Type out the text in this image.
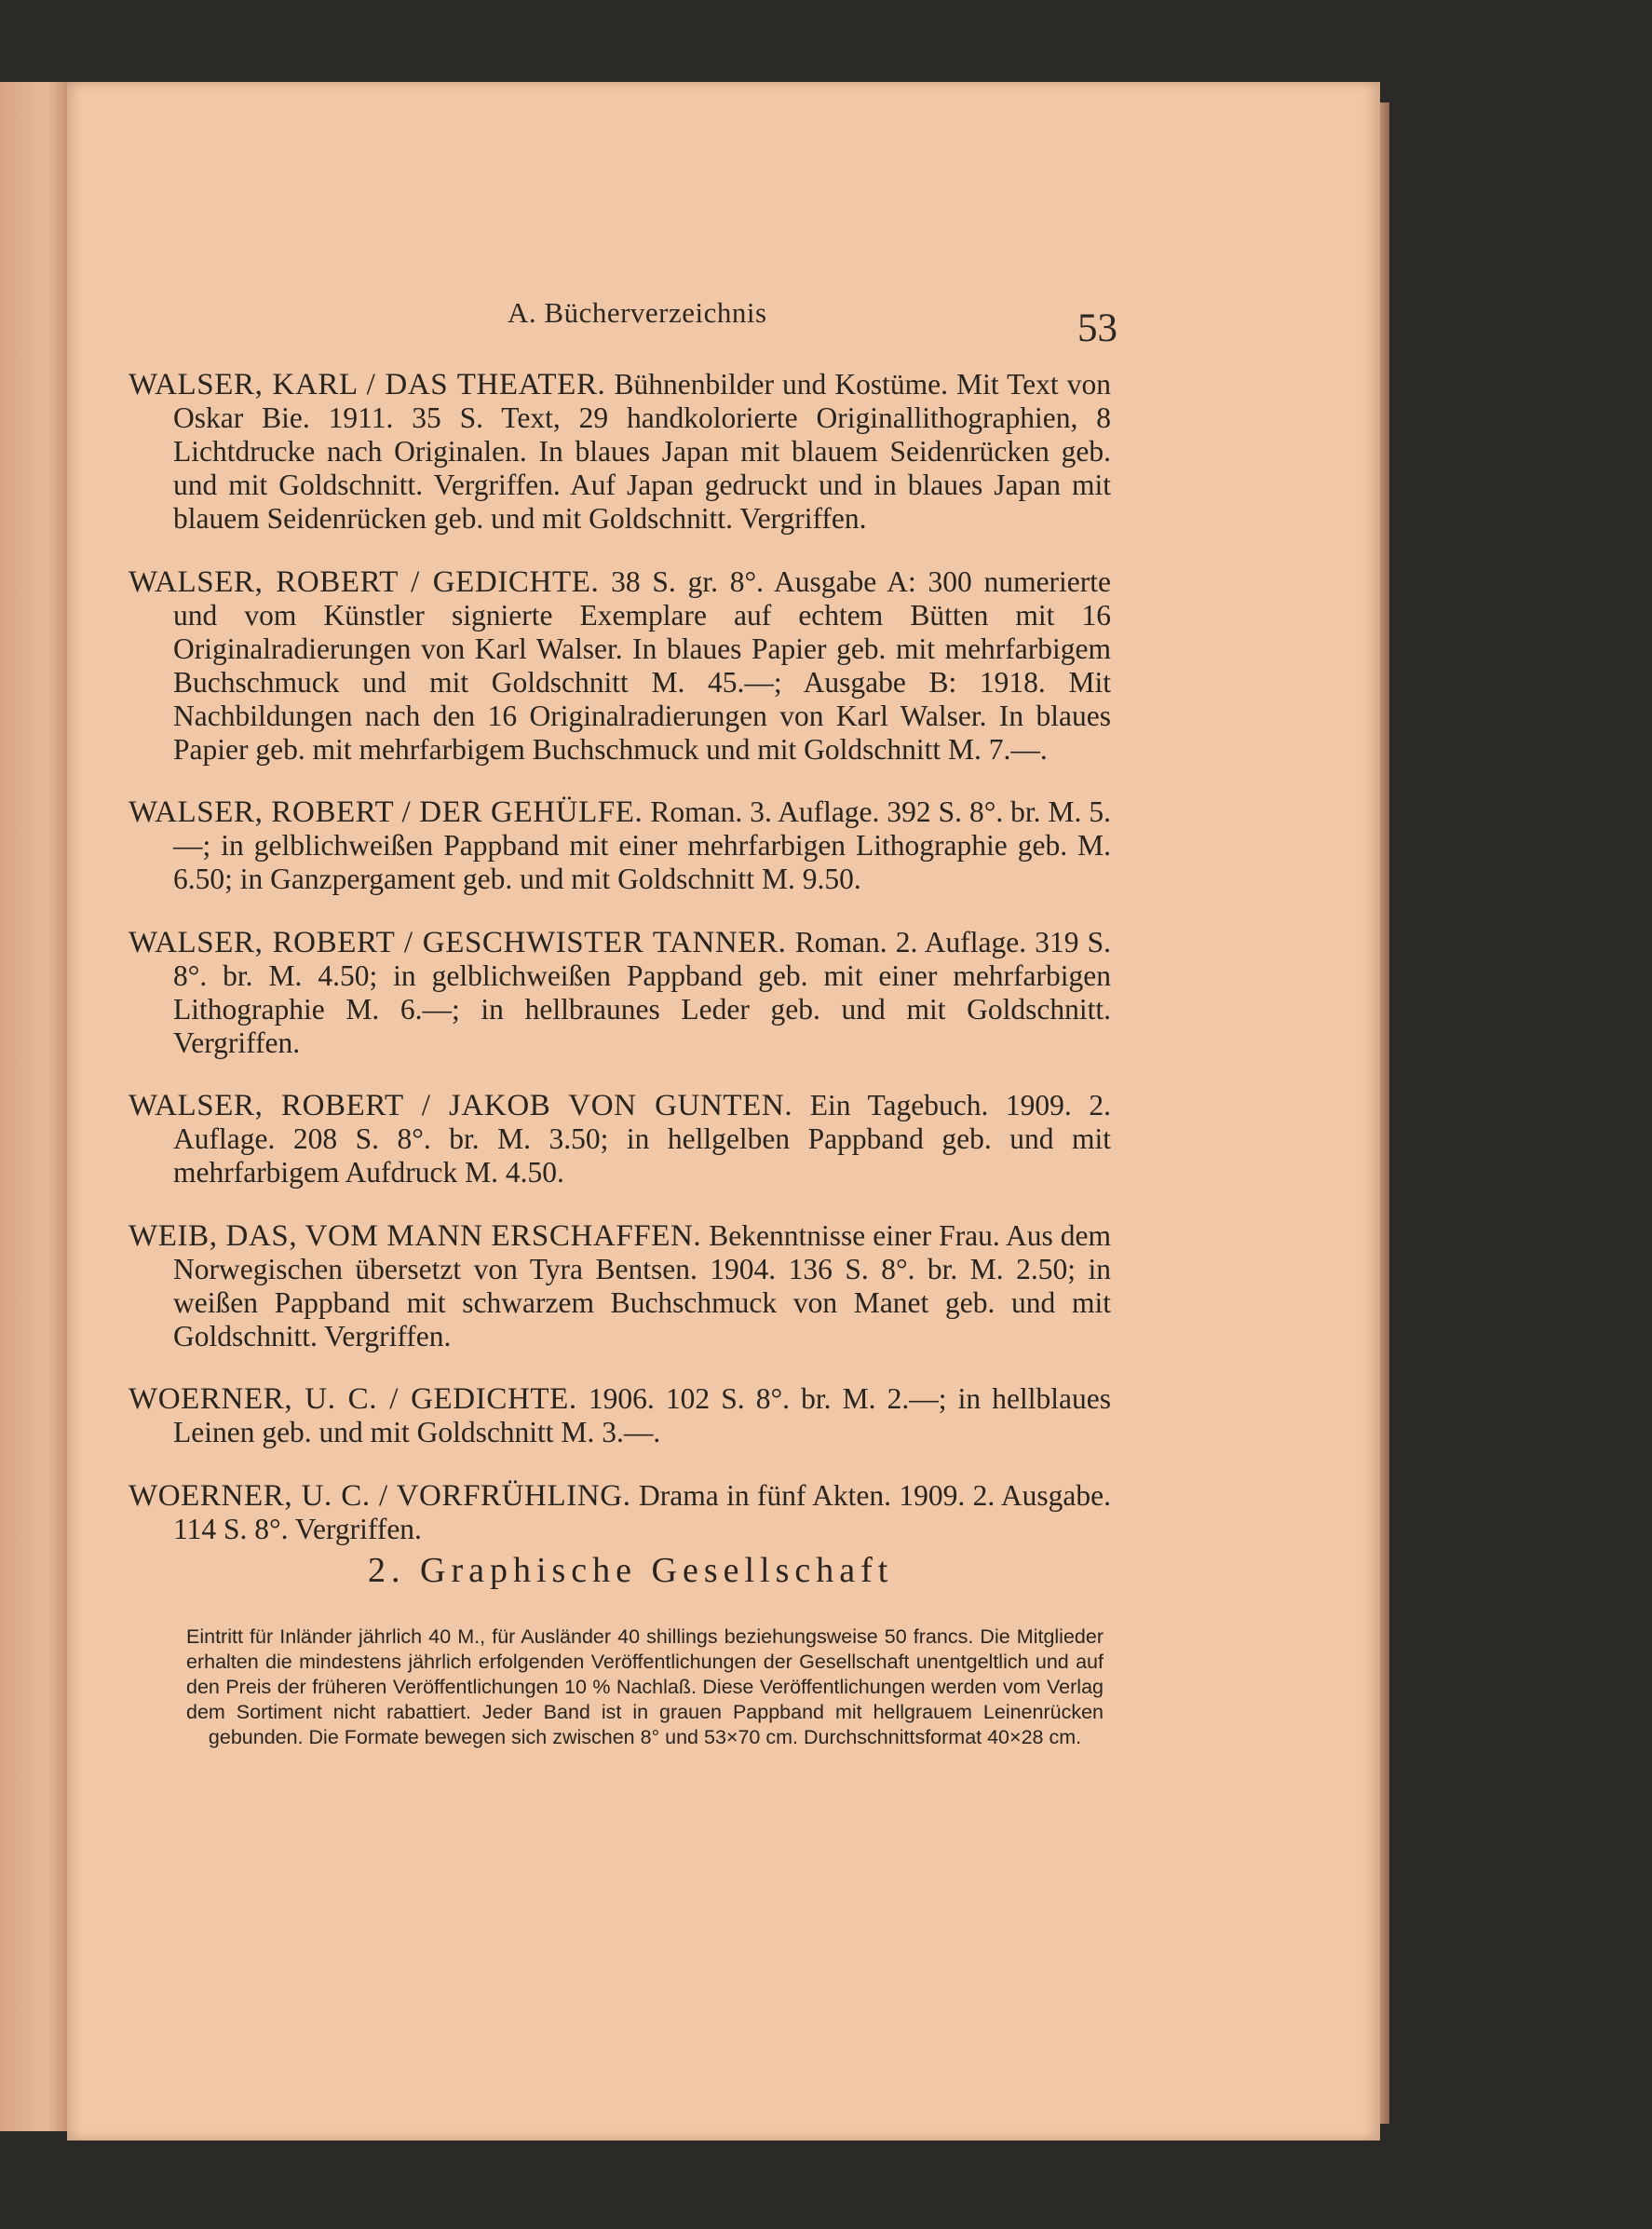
A. Bücherverzeichnis	53

WALSER, KARL / DAS THEATER. Bühnenbilder und Kostüme. Mit Text von Oskar Bie. 1911. 35 S. Text, 29 handkolorierte Originallithographien, 8 Lichtdrucke nach Originalen. In blaues Japan mit blauem Seidenrücken geb. und mit Goldschnitt. Vergriffen. Auf Japan gedruckt und in blaues Japan mit blauem Seidenrücken geb. und mit Goldschnitt. Vergriffen.

WALSER, ROBERT / GEDICHTE. 38 S. gr. 8°. Ausgabe A: 300 numerierte und vom Künstler signierte Exemplare auf echtem Bütten mit 16 Originalradierungen von Karl Walser. In blaues Papier geb. mit mehrfarbigem Buchschmuck und mit Goldschnitt M. 45.—; Ausgabe B: 1918. Mit Nachbildungen nach den 16 Originalradierungen von Karl Walser. In blaues Papier geb. mit mehrfarbigem Buchschmuck und mit Goldschnitt M. 7.—.

WALSER, ROBERT / DER GEHÜLFE. Roman. 3. Auflage. 392 S. 8°. br. M. 5.—; in gelblichweißen Pappband mit einer mehrfarbigen Lithographie geb. M. 6.50; in Ganzpergament geb. und mit Goldschnitt M. 9.50.

WALSER, ROBERT / GESCHWISTER TANNER. Roman. 2. Auflage. 319 S. 8°. br. M. 4.50; in gelblichweißen Pappband geb. mit einer mehrfarbigen Lithographie M. 6.—; in hellbraunes Leder geb. und mit Goldschnitt. Vergriffen.

WALSER, ROBERT / JAKOB VON GUNTEN. Ein Tagebuch. 1909. 2. Auflage. 208 S. 8°. br. M. 3.50; in hellgelben Pappband geb. und mit mehrfarbigem Aufdruck M. 4.50.

WEIB, DAS, VOM MANN ERSCHAFFEN. Bekenntnisse einer Frau. Aus dem Norwegischen übersetzt von Tyra Bentsen. 1904. 136 S. 8°. br. M. 2.50; in weißen Pappband mit schwarzem Buchschmuck von Manet geb. und mit Goldschnitt. Vergriffen.

WOERNER, U. C. / GEDICHTE. 1906. 102 S. 8°. br. M. 2.—; in hellblaues Leinen geb. und mit Goldschnitt M. 3.—.

WOERNER, U. C. / VORFRÜHLING. Drama in fünf Akten. 1909. 2. Ausgabe. 114 S. 8°. Vergriffen.

2. Graphische Gesellschaft

Eintritt für Inländer jährlich 40 M., für Ausländer 40 shillings beziehungsweise 50 francs. Die Mitglieder erhalten die mindestens jährlich erfolgenden Veröffentlichungen der Gesellschaft unentgeltlich und auf den Preis der früheren Veröffentlichungen 10 % Nachlaß. Diese Veröffentlichungen werden vom Verlag dem Sortiment nicht rabattiert. Jeder Band ist in grauen Pappband mit hellgrauem Leinenrücken gebunden. Die Formate bewegen sich zwischen 8° und 53×70 cm. Durchschnittsformat 40×28 cm.
